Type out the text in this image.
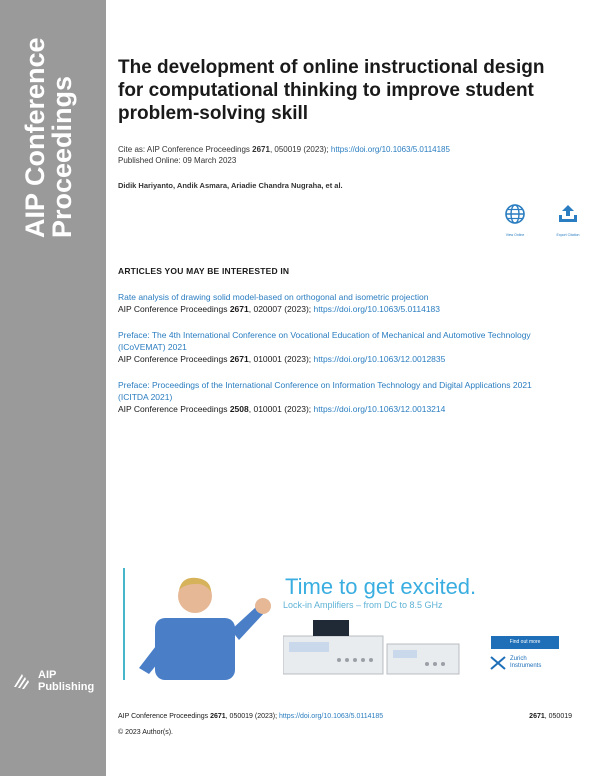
AIP Conference
Proceedings
AIP
Publishing
The development of online instructional design for computational thinking to improve student problem-solving skill
Cite as: AIP Conference Proceedings 2671, 050019 (2023); https://doi.org/10.1063/5.0114185
Published Online: 09 March 2023
Didik Hariyanto, Andik Asmara, Ariadie Chandra Nugraha, et al.
View Online	Export Citation
ARTICLES YOU MAY BE INTERESTED IN
Rate analysis of drawing solid model-based on orthogonal and isometric projection
AIP Conference Proceedings 2671, 020007 (2023); https://doi.org/10.1063/5.0114183
Preface: The 4th International Conference on Vocational Education of Mechanical and Automotive Technology (ICoVEMAT) 2021
AIP Conference Proceedings 2671, 010001 (2023); https://doi.org/10.1063/12.0012835
Preface: Proceedings of the International Conference on Information Technology and Digital Applications 2021 (ICITDA 2021)
AIP Conference Proceedings 2508, 010001 (2023); https://doi.org/10.1063/12.0013214
Time to get excited.
Lock-in Amplifiers – from DC to 8.5 GHz
Find out more
Zurich
Instruments
AIP Conference Proceedings 2671, 050019 (2023); https://doi.org/10.1063/5.0114185	2671, 050019
© 2023 Author(s).
